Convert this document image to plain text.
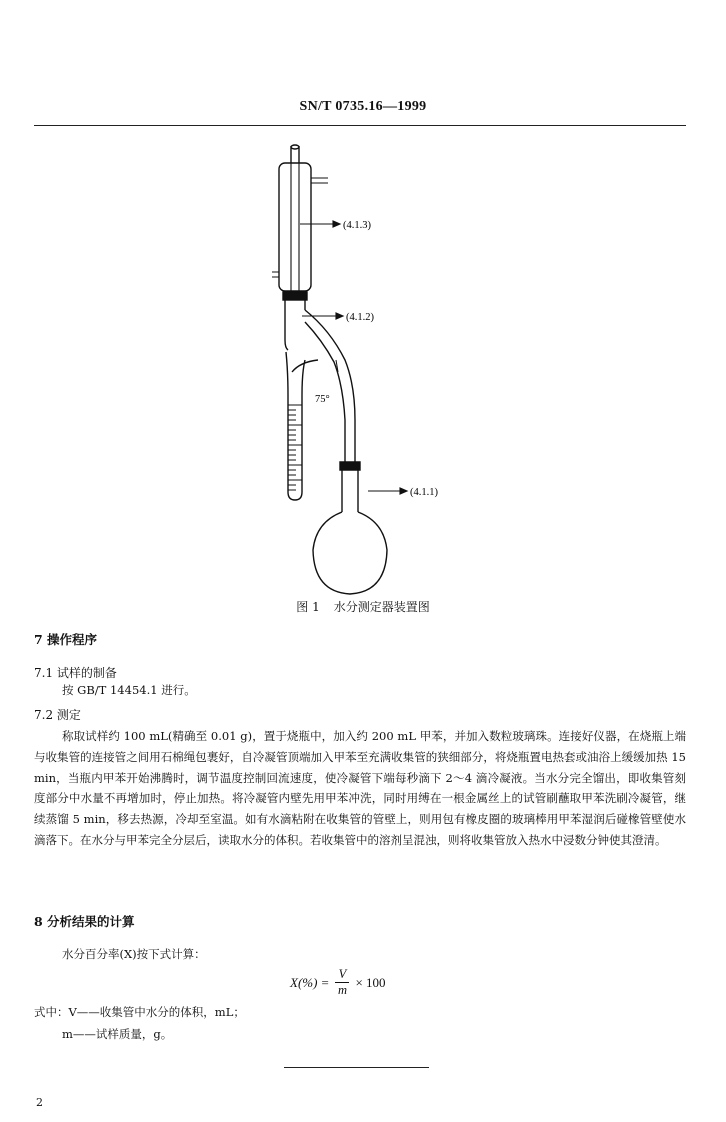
SN/T 0735.16—1999
(4.1.3)
(4.1.2)
(4.1.1)
75°
图 1 水分测定器装置图
7 操作程序
7.1 试样的制备
按 GB/T 14454.1 进行。
7.2 测定
称取试样约 100 mL(精确至 0.01 g)，置于烧瓶中，加入约 200 mL 甲苯，并加入数粒玻璃珠。连接好仪器，在烧瓶上端与收集管的连接管之间用石棉绳包裹好，自冷凝管顶端加入甲苯至充满收集管的狭细部分，将烧瓶置电热套或油浴上缓缓加热 15 min，当瓶内甲苯开始沸腾时，调节温度控制回流速度，使冷凝管下端每秒滴下 2～4 滴冷凝液。当水分完全馏出，即收集管刻度部分中水量不再增加时，停止加热。将冷凝管内壁先用甲苯冲洗，同时用缚在一根金属丝上的试管刷蘸取甲苯洗刷冷凝管，继续蒸馏 5 min，移去热源，冷却至室温。如有水滴粘附在收集管的管壁上，则用包有橡皮圈的玻璃棒用甲苯湿润后碰橡管壁使水滴落下。在水分与甲苯完全分层后，读取水分的体积。若收集管中的溶剂呈混浊，则将收集管放入热水中浸数分钟使其澄清。
8 分析结果的计算
水分百分率(X)按下式计算：
$X(\%) = \frac{V}{m} \times 100$
式中：V——收集管中水分的体积，mL；
m——试样质量，g。
2
